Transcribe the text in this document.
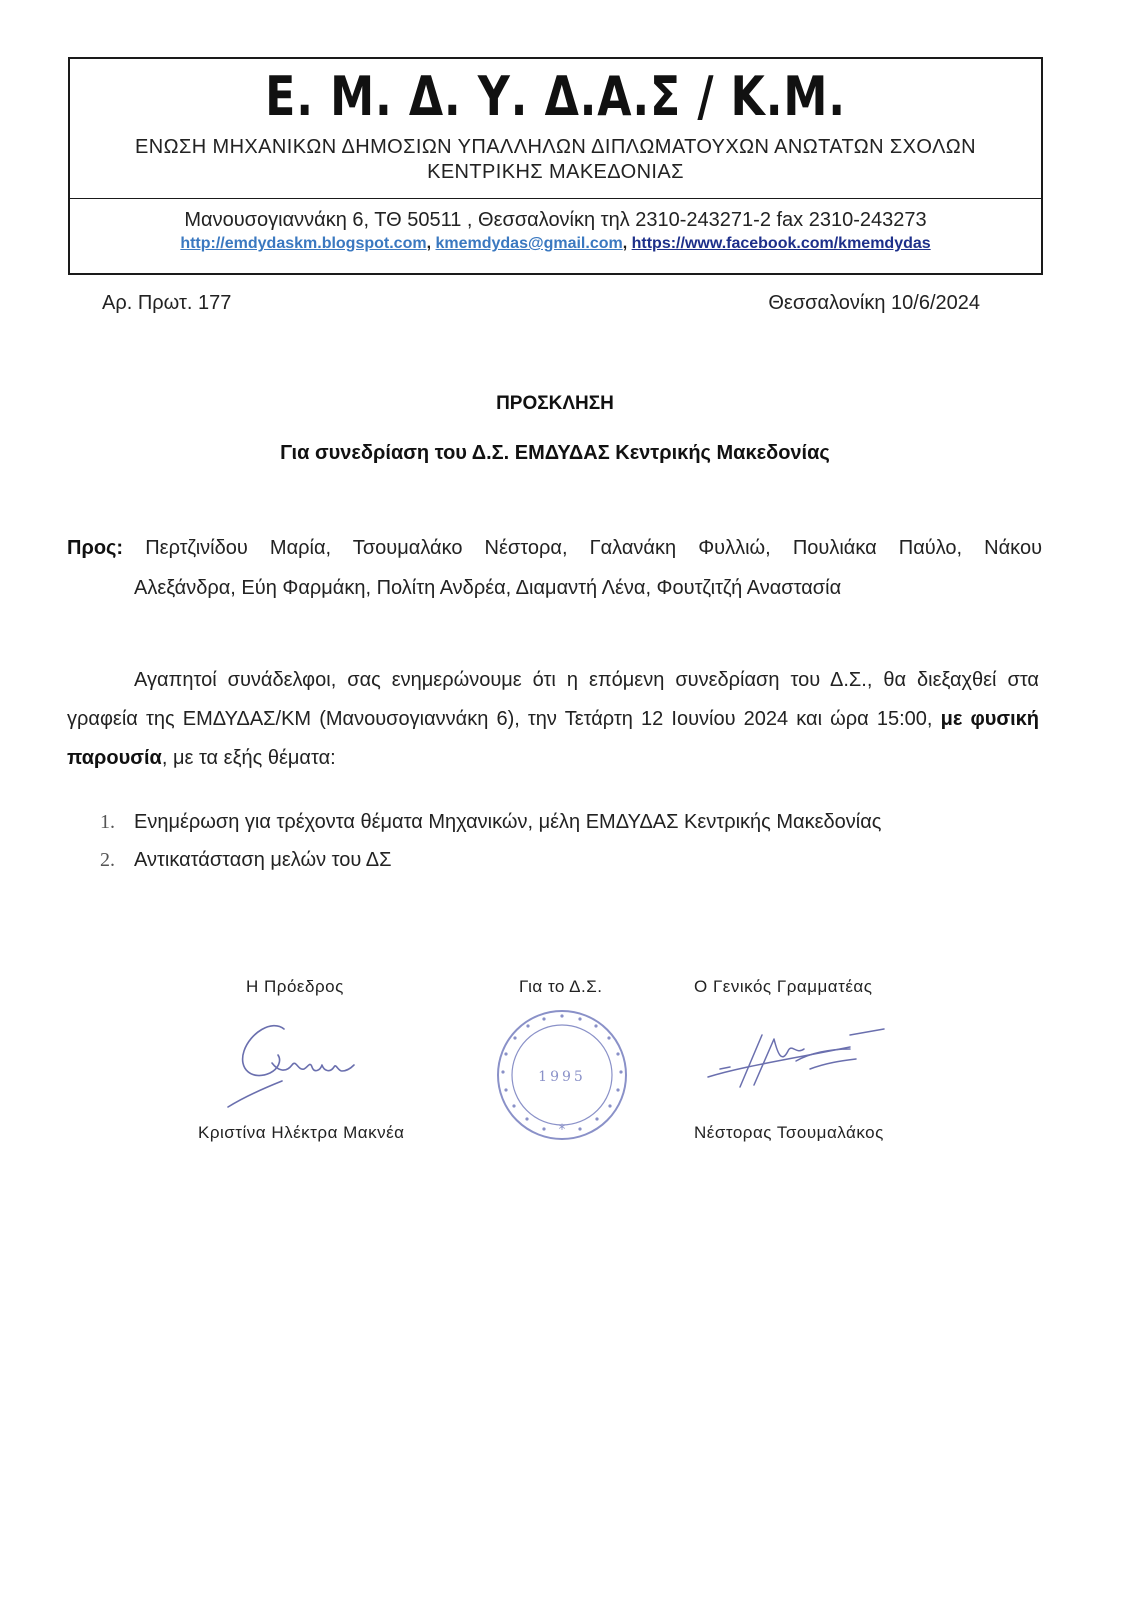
Ε. Μ. Δ. Υ. Δ.Α.Σ / Κ.Μ.
ΕΝΩΣΗ ΜΗΧΑΝΙΚΩΝ ΔΗΜΟΣΙΩΝ ΥΠΑΛΛΗΛΩΝ ΔΙΠΛΩΜΑΤΟΥΧΩΝ ΑΝΩΤΑΤΩΝ ΣΧΟΛΩΝ
ΚΕΝΤΡΙΚΗΣ ΜΑΚΕΔΟΝΙΑΣ
Μανουσογιαννάκη 6, ΤΘ 50511 , Θεσσαλονίκη τηλ 2310-243271-2 fax 2310-243273
http://emdydaskm.blogspot.com, kmemdydas@gmail.com, https://www.facebook.com/kmemdydas
Αρ. Πρωτ. 177	Θεσσαλονίκη 10/6/2024
ΠΡΟΣΚΛΗΣΗ
Για συνεδρίαση του Δ.Σ. ΕΜΔΥΔΑΣ Κεντρικής Μακεδονίας
Προς: Περτζινίδου Μαρία, Τσουμαλάκο Νέστορα, Γαλανάκη Φυλλιώ, Πουλιάκα Παύλο, Νάκου
Αλεξάνδρα, Εύη Φαρμάκη, Πολίτη Ανδρέα, Διαμαντή Λένα, Φουτζιτζή Αναστασία
Αγαπητοί συνάδελφοι, σας ενημερώνουμε ότι η επόμενη συνεδρίαση του Δ.Σ., θα διεξαχθεί στα γραφεία της ΕΜΔΥΔΑΣ/ΚΜ (Μανουσογιαννάκη 6), την Τετάρτη 12 Ιουνίου 2024 και ώρα 15:00, με φυσική παρουσία, με τα εξής θέματα:
1. Ενημέρωση για τρέχοντα θέματα Μηχανικών, μέλη ΕΜΔΥΔΑΣ Κεντρικής Μακεδονίας
2. Αντικατάσταση μελών του ΔΣ
Η Πρόεδρος	Για το Δ.Σ.	Ο Γενικός Γραμματέας
*
1995
Κριστίνα Ηλέκτρα Μακνέα	Νέστορας Τσουμαλάκος
